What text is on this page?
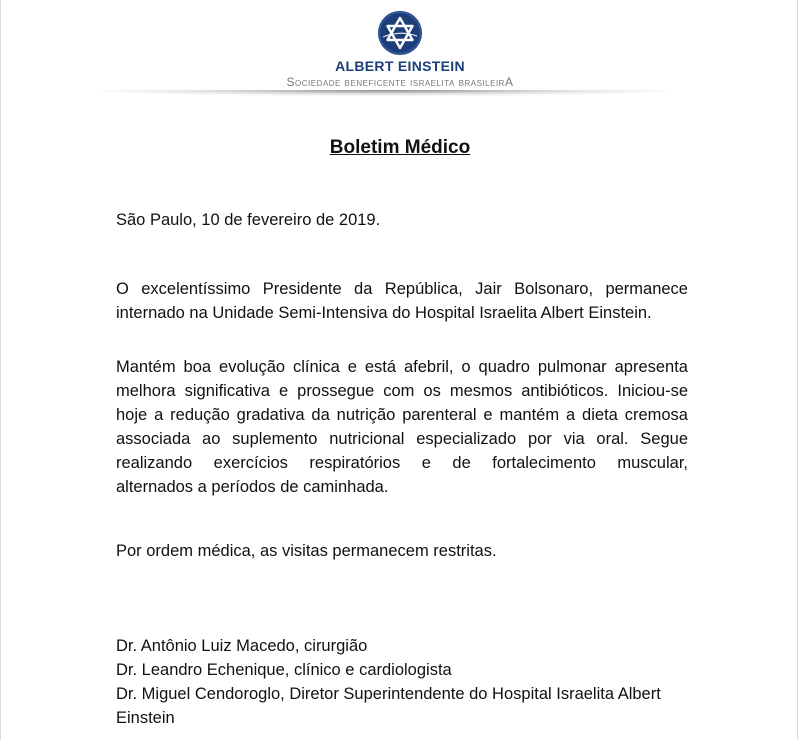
ALBERT EINSTEIN
Sociedade beneficente israelita brasileirA
Boletim Médico
São Paulo, 10 de fevereiro de 2019.
O excelentíssimo Presidente da República, Jair Bolsonaro, permanece
internado na Unidade Semi-Intensiva do Hospital Israelita Albert Einstein.
Mantém boa evolução clínica e está afebril, o quadro pulmonar apresenta
melhora significativa e prossegue com os mesmos antibióticos. Iniciou-se
hoje a redução gradativa da nutrição parenteral e mantém a dieta cremosa
associada ao suplemento nutricional especializado por via oral. Segue
realizando exercícios respiratórios e de fortalecimento muscular,
alternados a períodos de caminhada.
Por ordem médica, as visitas permanecem restritas.
Dr. Antônio Luiz Macedo, cirurgião
Dr. Leandro Echenique, clínico e cardiologista
Dr. Miguel Cendoroglo, Diretor Superintendente do Hospital Israelita Albert
Einstein
